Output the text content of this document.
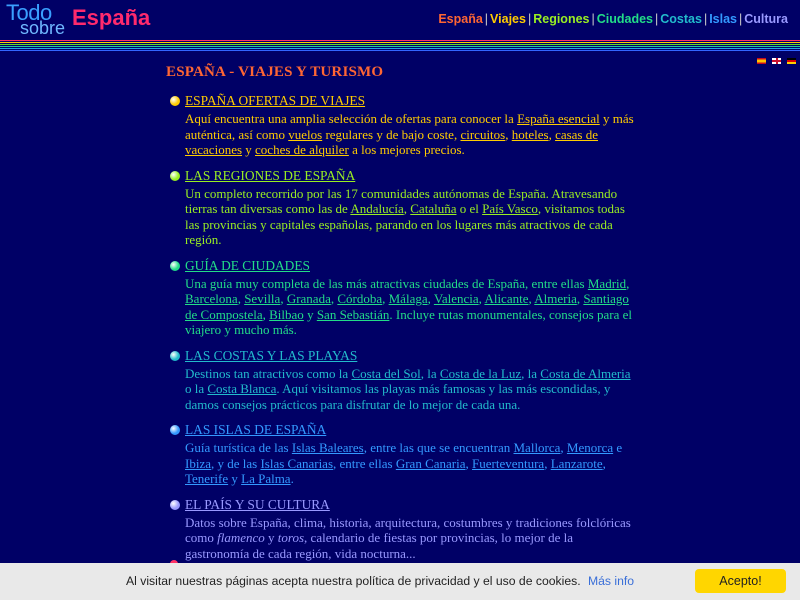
Todo
sobre España	España | Viajes | Regiones | Ciudades | Costas | Islas | Cultura
ESPAÑA - VIAJES Y TURISMO
ESPAÑA OFERTAS DE VIAJES
Aquí encuentra una amplia selección de ofertas para conocer la España esencial y más auténtica, así como vuelos regulares y de bajo coste, circuitos, hoteles, casas de vacaciones y coches de alquiler a los mejores precios.
LAS REGIONES DE ESPAÑA
Un completo recorrido por las 17 comunidades autónomas de España. Atravesando tierras tan diversas como las de Andalucía, Cataluña o el País Vasco, visitamos todas las provincias y capitales españolas, parando en los lugares más atractivos de cada región.
GUÍA DE CIUDADES
Una guía muy completa de las más atractivas ciudades de España, entre ellas Madrid, Barcelona, Sevilla, Granada, Córdoba, Málaga, Valencia, Alicante, Almeria, Santiago de Compostela, Bilbao y San Sebastián. Incluye rutas monumentales, consejos para el viajero y mucho más.
LAS COSTAS Y LAS PLAYAS
Destinos tan atractivos como la Costa del Sol, la Costa de la Luz, la Costa de Almeria o la Costa Blanca. Aquí visitamos las playas más famosas y las más escondidas, y damos consejos prácticos para disfrutar de lo mejor de cada una.
LAS ISLAS DE ESPAÑA
Guía turística de las Islas Baleares, entre las que se encuentran Mallorca, Menorca e Ibiza, y de las Islas Canarias, entre ellas Gran Canaria, Fuerteventura, Lanzarote, Tenerife y La Palma.
EL PAÍS Y SU CULTURA
Datos sobre España, clima, historia, arquitectura, costumbres y tradiciones folclóricas como flamenco y toros, calendario de fiestas por provincias, lo mejor de la gastronomía de cada región, vida nocturna...
Al visitar nuestras páginas acepta nuestra política de privacidad y el uso de cookies. Más info	Acepto!
